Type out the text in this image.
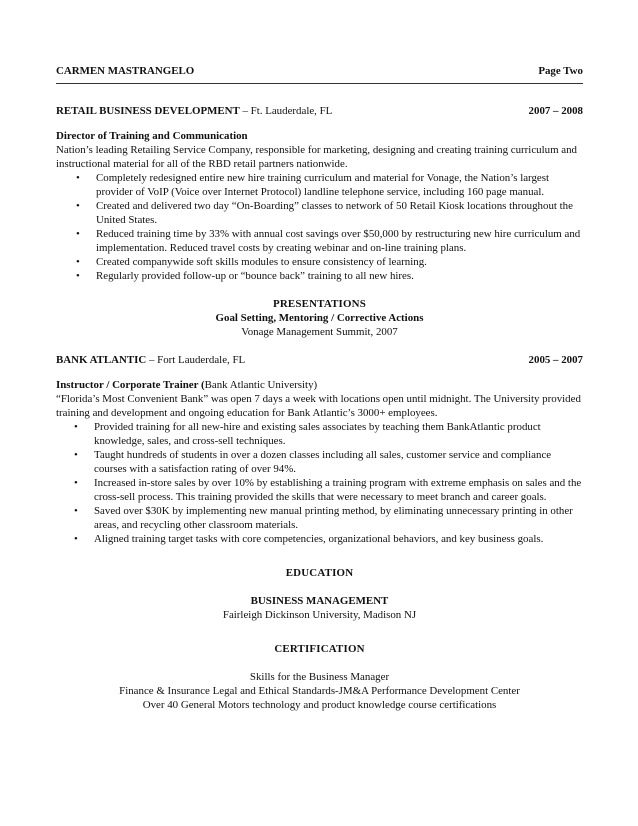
CARMEN MASTRANGELO	Page Two
RETAIL BUSINESS DEVELOPMENT – Ft. Lauderdale, FL	2007 – 2008

Director of Training and Communication

Nation’s leading Retailing Service Company, responsible for marketing, designing and creating training curriculum and instructional material for all of the RBD retail partners nationwide.

• Completely redesigned entire new hire training curriculum and material for Vonage, the Nation’s largest provider of VoIP (Voice over Internet Protocol) landline telephone service, including 160 page manual.
• Created and delivered two day “On-Boarding” classes to network of 50 Retail Kiosk locations throughout the United States.
• Reduced training time by 33% with annual cost savings over $50,000 by restructuring new hire curriculum and implementation. Reduced travel costs by creating webinar and on-line training plans.
• Created companywide soft skills modules to ensure consistency of learning.
• Regularly provided follow-up or “bounce back” training to all new hires.
PRESENTATIONS
Goal Setting, Mentoring / Corrective Actions
Vonage Management Summit, 2007
BANK ATLANTIC – Fort Lauderdale, FL	2005 – 2007

Instructor / Corporate Trainer (Bank Atlantic University)

“Florida’s Most Convenient Bank” was open 7 days a week with locations open until midnight. The University provided training and development and ongoing education for Bank Atlantic’s 3000+ employees.

• Provided training for all new-hire and existing sales associates by teaching them BankAtlantic product knowledge, sales, and cross-sell techniques.
• Taught hundreds of students in over a dozen classes including all sales, customer service and compliance courses with a satisfaction rating of over 94%.
• Increased in-store sales by over 10% by establishing a training program with extreme emphasis on sales and the cross-sell process. This training provided the skills that were necessary to meet branch and career goals.
• Saved over $30K by implementing new manual printing method, by eliminating unnecessary printing in other areas, and recycling other classroom materials.
• Aligned training target tasks with core competencies, organizational behaviors, and key business goals.
EDUCATION
BUSINESS MANAGEMENT
Fairleigh Dickinson University, Madison NJ
CERTIFICATION
Skills for the Business Manager
Finance & Insurance Legal and Ethical Standards-JM&A Performance Development Center
Over 40 General Motors technology and product knowledge course certifications
